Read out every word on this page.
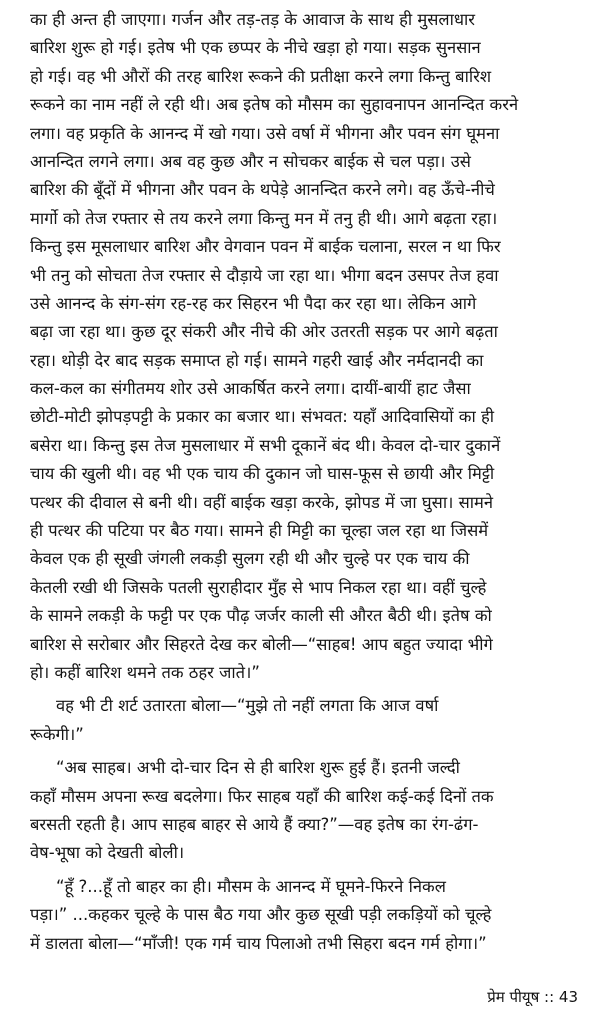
का ही अन्त ही जाएगा। गर्जन और तड़-तड़ के आवाज के साथ ही मुसलाधार
बारिश शुरू हो गई। इतेष भी एक छप्पर के नीचे खड़ा हो गया। सड़क सुनसान
हो गई। वह भी औरों की तरह बारिश रूकने की प्रतीक्षा करने लगा किन्तु बारिश
रूकने का नाम नहीं ले रही थी। अब इतेष को मौसम का सुहावनापन आनन्दित करने
लगा। वह प्रकृति के आनन्द में खो गया। उसे वर्षा में भीगना और पवन संग घूमना
आनन्दित लगने लगा। अब वह कुछ और न सोचकर बाईक से चल पड़ा। उसे
बारिश की बूँदों में भीगना और पवन के थपेड़े आनन्दित करने लगे। वह ऊँचे-नीचे
मार्गो को तेज रफ्तार से तय करने लगा किन्तु मन में तनु ही थी। आगे बढ़ता रहा।
किन्तु इस मूसलाधार बारिश और वेगवान पवन में बाईक चलाना, सरल न था फिर
भी तनु को सोचता तेज रफ्तार से दौड़ाये जा रहा था। भीगा बदन उसपर तेज हवा
उसे आनन्द के संग-संग रह-रह कर सिहरन भी पैदा कर रहा था। लेकिन आगे
बढ़ा जा रहा था। कुछ दूर संकरी और नीचे की ओर उतरती सड़क पर आगे बढ़ता
रहा। थोड़ी देर बाद सड़क समाप्त हो गई। सामने गहरी खाई और नर्मदानदी का
कल-कल का संगीतमय शोर उसे आकर्षित करने लगा। दायीं-बायीं हाट जैसा
छोटी-मोटी झोपड़पट्टी के प्रकार का बजार था। संभवत: यहाँ आदिवासियों का ही
बसेरा था। किन्तु इस तेज मुसलाधार में सभी दूकानें बंद थी। केवल दो-चार दुकानें
चाय की खुली थी। वह भी एक चाय की दुकान जो घास-फूस से छायी और मिट्टी
पत्थर की दीवाल से बनी थी। वहीं बाईक खड़ा करके, झोपड में जा घुसा। सामने
ही पत्थर की पटिया पर बैठ गया। सामने ही मिट्टी का चूल्हा जल रहा था जिसमें
केवल एक ही सूखी जंगली लकड़ी सुलग रही थी और चुल्हे पर एक चाय की
केतली रखी थी जिसके पतली सुराहीदार मुँह से भाप निकल रहा था। वहीं चुल्हे
के सामने लकड़ी के फट्टी पर एक पौढ़ जर्जर काली सी औरत बैठी थी। इतेष को
बारिश से सरोबार और सिहरते देख कर बोली—“साहब! आप बहुत ज्यादा भीगे
हो। कहीं बारिश थमने तक ठहर जाते।”
वह भी टी शर्ट उतारता बोला—“मुझे तो नहीं लगता कि आज वर्षा
रूकेगी।”
“अब साहब। अभी दो-चार दिन से ही बारिश शुरू हुई हैं। इतनी जल्दी
कहाँ मौसम अपना रूख बदलेगा। फिर साहब यहाँ की बारिश कई-कई दिनों तक
बरसती रहती है। आप साहब बाहर से आये हैं क्या?”—वह इतेष का रंग-ढंग-
वेष-भूषा को देखती बोली।
“हूँ ?...हूँ तो बाहर का ही। मौसम के आनन्द में घूमने-फिरने निकल
पड़ा।” ...कहकर चूल्हे के पास बैठ गया और कुछ सूखी पड़ी लकड़ियों को चूल्हे
में डालता बोला—“माँजी! एक गर्म चाय पिलाओ तभी सिहरा बदन गर्म होगा।”
प्रेम पीयूष :: 43
